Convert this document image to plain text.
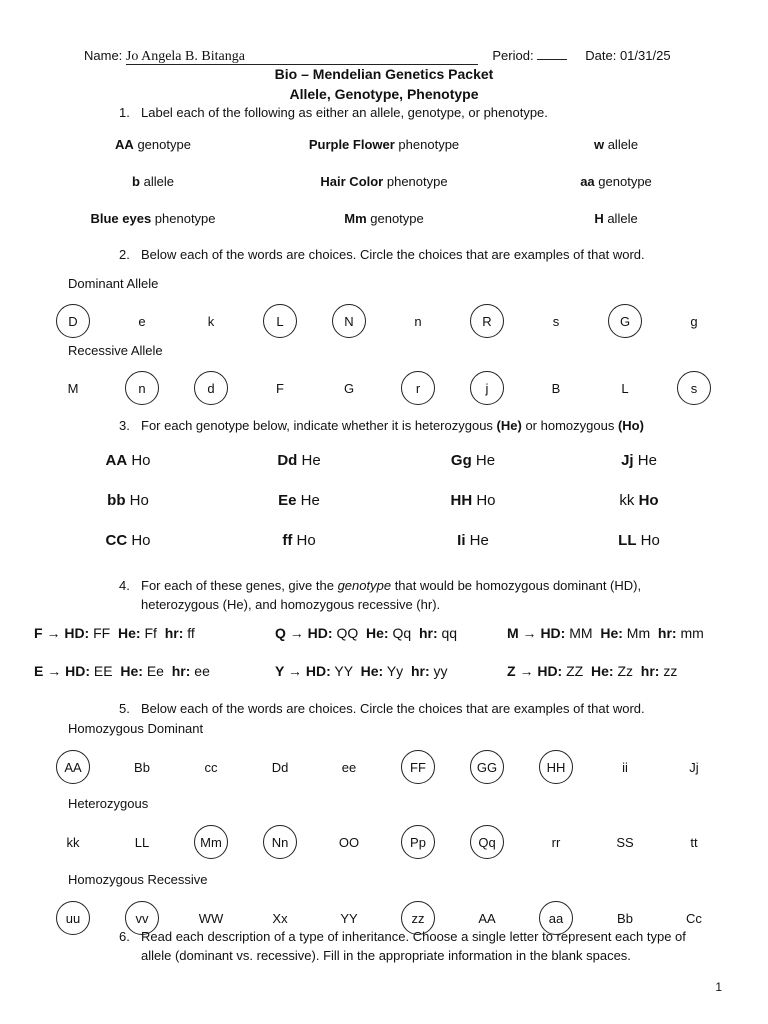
Name: Jo Angela B. Bitanga	Period:	Date: 01/31/25
Bio – Mendelian Genetics Packet
Allele, Genotype, Phenotype
1. Label each of the following as either an allele, genotype, or phenotype.
AA genotype	Purple Flower phenotype	w allele
b allele	Hair Color phenotype	aa genotype
Blue eyes phenotype	Mm genotype	H allele
2. Below each of the words are choices. Circle the choices that are examples of that word.
Dominant Allele
D	e	k	L	N	n	R	s	G	g
Recessive Allele
M	n	d	F	G	r	j	B	L	s
3. For each genotype below, indicate whether it is heterozygous (He) or homozygous (Ho)
AA Ho	Dd He	Gg He	Jj He
bb Ho	Ee He	HH Ho	kk Ho
CC Ho	ff Ho	Ii He	LL Ho
4. For each of these genes, give the genotype that would be homozygous dominant (HD),
heterozygous (He), and homozygous recessive (hr).
F → HD: FF He: Ff hr: ff	Q → HD: QQ He: Qq hr: qq	M → HD: MM He: Mm hr: mm
E → HD: EE He: Ee hr: ee	Y → HD: YY He: Yy hr: yy	Z → HD: ZZ He: Zz hr: zz
5. Below each of the words are choices. Circle the choices that are examples of that word.
Homozygous Dominant
AA	Bb	cc	Dd	ee	FF	GG	HH	ii	Jj
Heterozygous
kk	LL	Mm	Nn	OO	Pp	Qq	rr	SS	tt
Homozygous Recessive
uu	vv	WW	Xx	YY	zz	AA	aa	Bb	Cc
6. Read each description of a type of inheritance. Choose a single letter to represent each type of
allele (dominant vs. recessive). Fill in the appropriate information in the blank spaces.
1
